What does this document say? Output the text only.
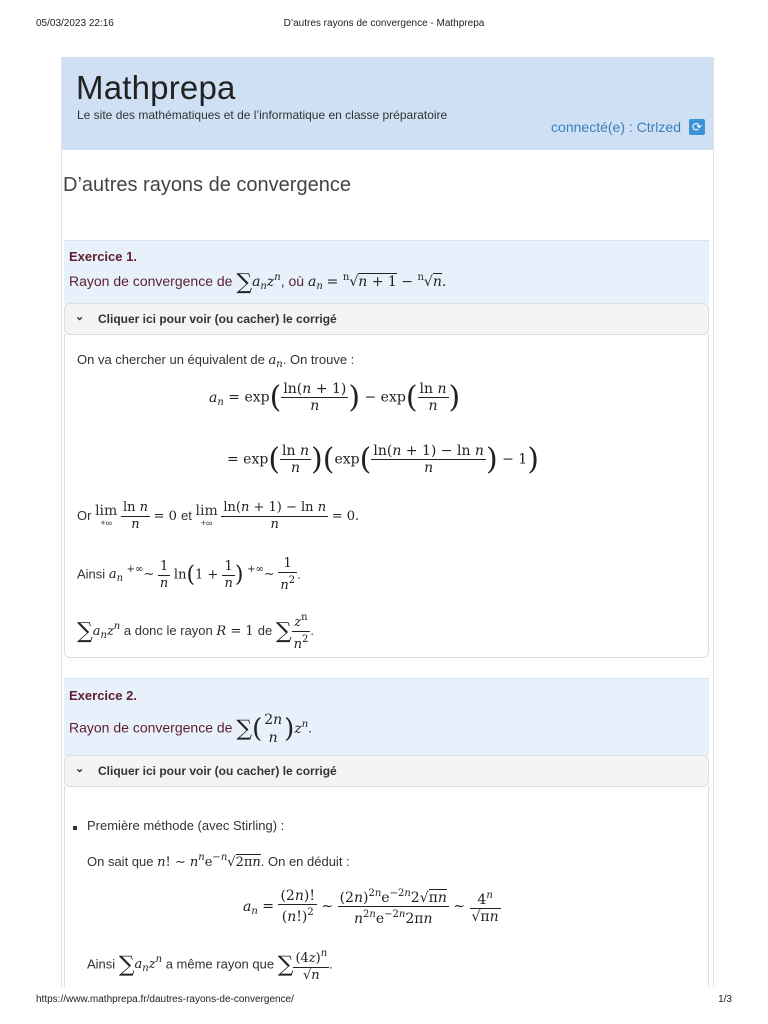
05/03/2023 22:16	D’autres rayons de convergence - Mathprepa
Mathprepa
Le site des mathématiques et de l’informatique en classe préparatoire
connecté(e) : Ctrlzed ⟳
D’autres rayons de convergence
Exercice 1.
Rayon de convergence de $\sum a_nz^n$, où $a_n = ^n√n + 1 - ^n√n$.
⌄ Cliquer ici pour voir (ou cacher) le corrigé
On va chercher un équivalent de $a_n$. On trouve :
$a_n = \exp( \frac{\ln(n + 1)}{n}$ ) − $\exp( \frac{\text{ln n}}{n}$ )
= $\exp( \frac{\text{ln n}}{n} )(\exp( \frac{\text{ln(n + 1) − ln n}}{n}$ ) − 1)
Or lim
+∞
$\frac{\text{ln n}}{n} = 0$ et lim
+∞
$\frac{\text{ln(n + 1) − ln n}}{n} = 0$.
Ainsi $a_n$ +∞∼ $\frac{1}{n} \ln(1 + \frac{1}{n}$ ) +∞∼ $\frac{1}{n^2}$ .
$\sum a_nz^n$ a donc le rayon R = 1 de ∑ $\frac{z^n}{n^2}$ .
Exercice 2.
Rayon de convergence de ∑( 2n
n )$z^n$.
⌄ Cliquer ici pour voir (ou cacher) le corrigé
Première méthode (avec Stirling) :
On sait que n! ∼ $n^ne^{-n}√2\pi n$. On en déduit :
$a_n = \frac{(2n)!}{(n!)^2}$ ∼ $\frac{(2n)^{2n}e^{-2n}2√\pi n}{n^{2n}e^{-2n}2\pi n}$ ∼ $\frac{4^n}{√\pi n}$
Ainsi $\sum a_nz^n$ a même rayon que ∑ $\frac{(4z)^n}{√n}$ .
https://www.mathprepa.fr/dautres-rayons-de-convergence/	1/3
